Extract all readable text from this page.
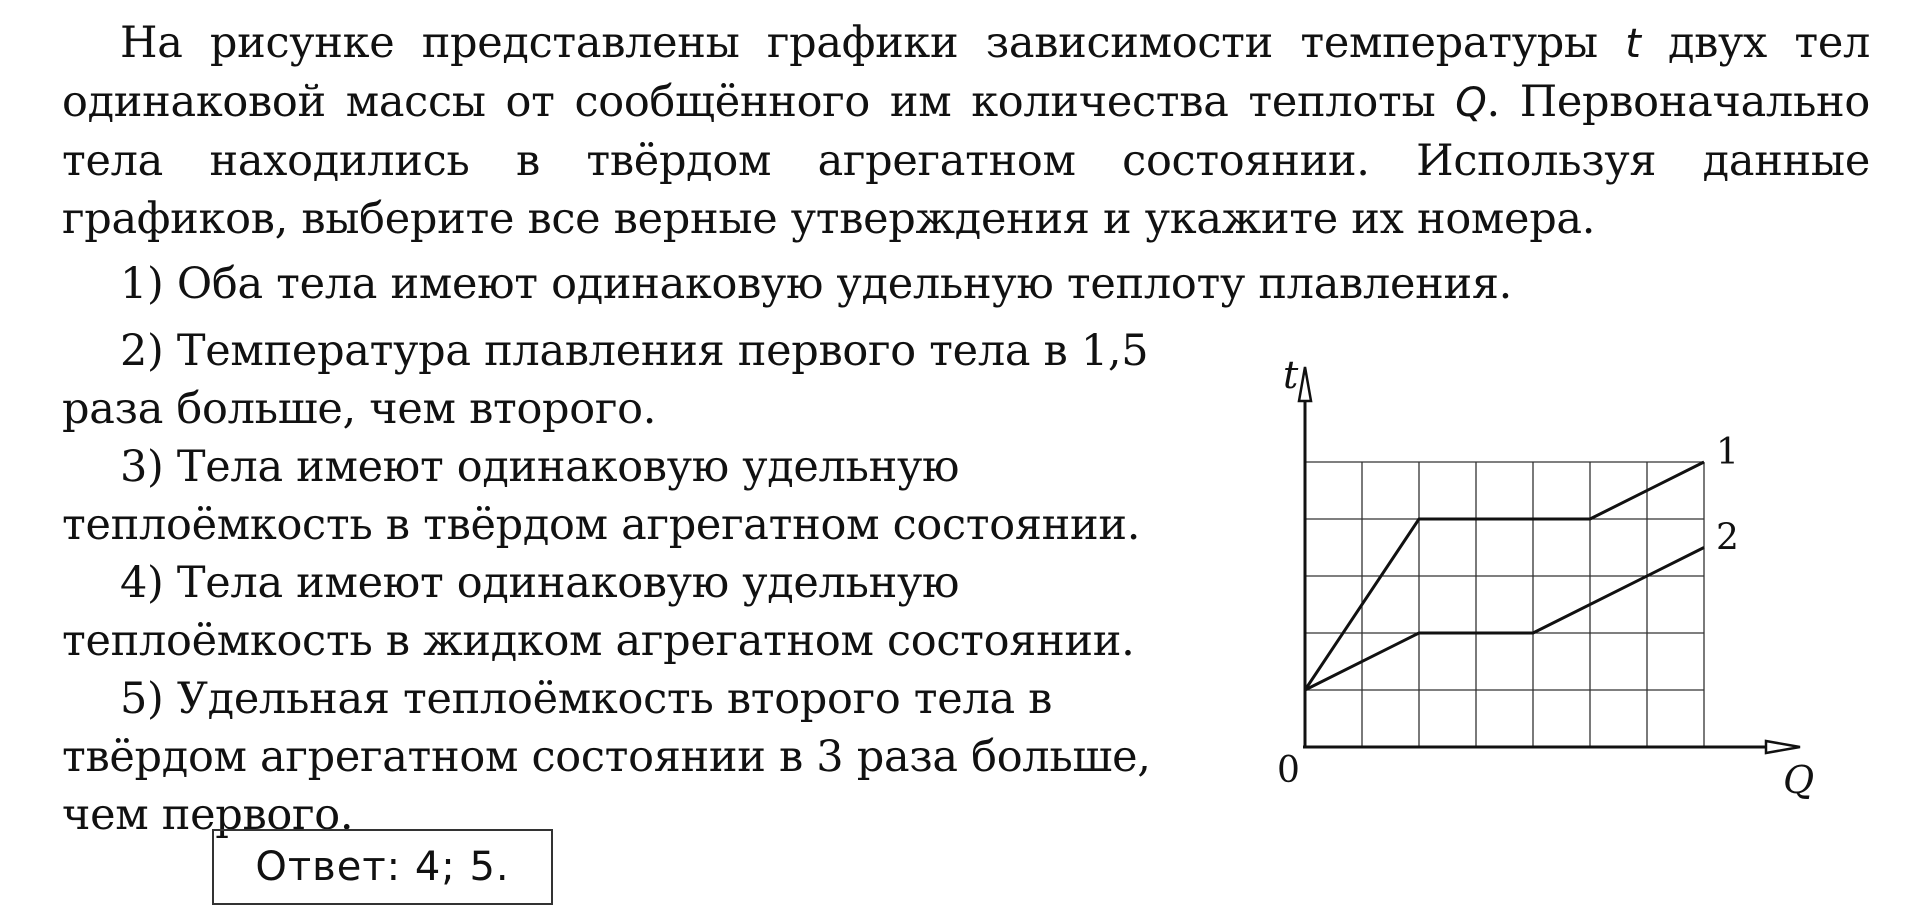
На рисунке представлены графики зависимости температуры t двух тел одинаковой массы от сообщённого им количества теплоты Q. Первоначально тела находились в твёрдом агрегатном состоянии. Используя данные графиков, выберите все верные утверждения и укажите их номера.
1) Оба тела имеют одинаковую удельную теплоту плавления.
2) Температура плавления первого тела в 1,5 раза больше, чем второго.
3) Тела имеют одинаковую удельную теплоёмкость в твёрдом агрегатном состоянии.
4) Тела имеют одинаковую удельную теплоёмкость в жидком агрегатном состоянии.
5) Удельная теплоёмкость второго тела в твёрдом агрегатном состоянии в 3 раза больше, чем первого.
t
Q
0
1
2
Ответ: 4; 5.
